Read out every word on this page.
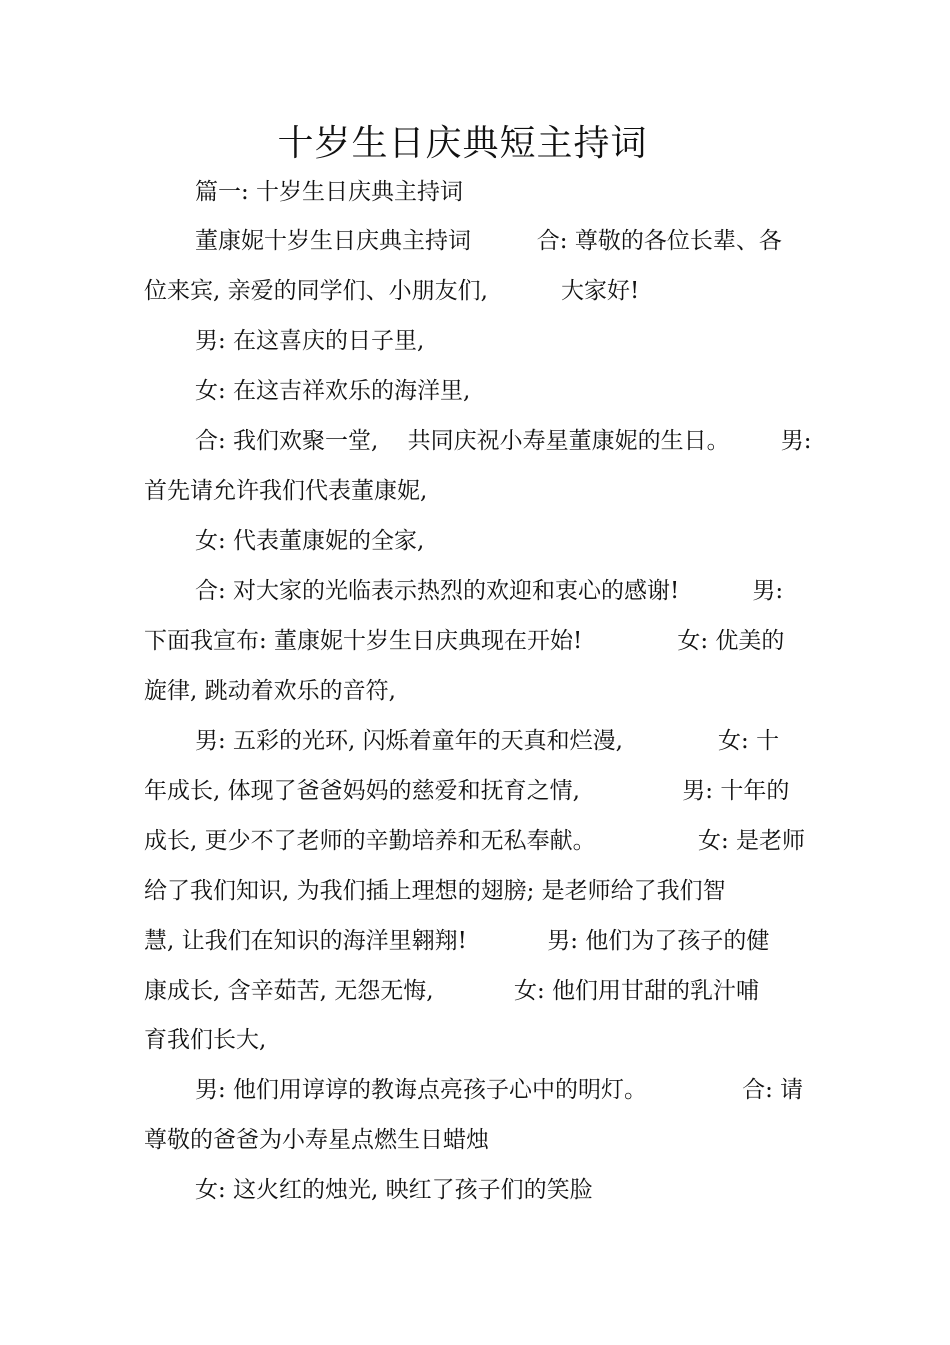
十岁生日庆典短主持词
篇一: 十岁生日庆典主持词
董康妮十岁生日庆典主持词         合: 尊敬的各位长辈、各
位来宾, 亲爱的同学们、小朋友们,          大家好!
男: 在这喜庆的日子里,
女: 在这吉祥欢乐的海洋里,
合: 我们欢聚一堂,    共同庆祝小寿星董康妮的生日。       男:
首先请允许我们代表董康妮,
女: 代表董康妮的全家,
合: 对大家的光临表示热烈的欢迎和衷心的感谢!          男:
下面我宣布: 董康妮十岁生日庆典现在开始!             女: 优美的
旋律, 跳动着欢乐的音符,
男: 五彩的光环, 闪烁着童年的天真和烂漫,             女: 十
年成长, 体现了爸爸妈妈的慈爱和抚育之情,              男: 十年的
成长, 更少不了老师的辛勤培养和无私奉献。              女: 是老师
给了我们知识, 为我们插上理想的翅膀; 是老师给了我们智
慧, 让我们在知识的海洋里翱翔!           男: 他们为了孩子的健
康成长, 含辛茹苦, 无怨无悔,           女: 他们用甘甜的乳汁哺
育我们长大,
男: 他们用谆谆的教诲点亮孩子心中的明灯。             合: 请
尊敬的爸爸为小寿星点燃生日蜡烛
女: 这火红的烛光, 映红了孩子们的笑脸
